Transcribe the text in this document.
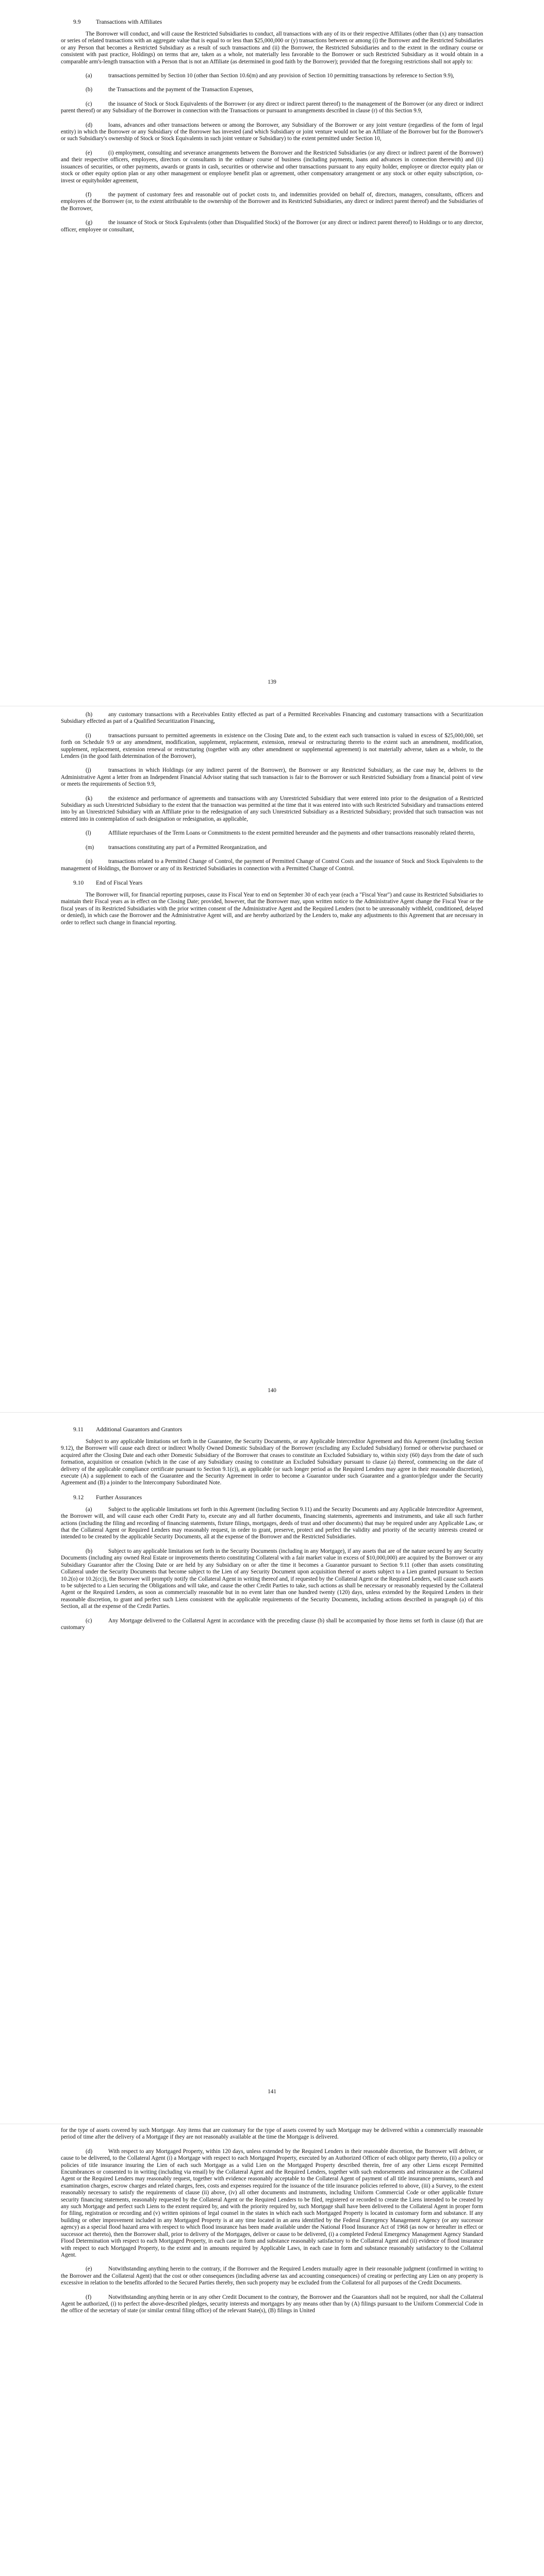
9.9	Transactions with Affiliates

The Borrower will conduct, and will cause the Restricted Subsidiaries to conduct, all transactions with any of its or their respective Affiliates (other than (x) any transaction or series of related transactions with an aggregate value that is equal to or less than $25,000,000 or (y) transactions between or among (i) the Borrower and the Restricted Subsidiaries or any Person that becomes a Restricted Subsidiary as a result of such transactions and (ii) the Borrower, the Restricted Subsidiaries and to the extent in the ordinary course or consistent with past practice, Holdings) on terms that are, taken as a whole, not materially less favorable to the Borrower or such Restricted Subsidiary as it would obtain in a comparable arm's-length transaction with a Person that is not an Affiliate (as determined in good faith by the Borrower); provided that the foregoing restrictions shall not apply to:

(a)	transactions permitted by Section 10 (other than Section 10.6(m) and any provision of Section 10 permitting transactions by reference to Section 9.9),

(b)	the Transactions and the payment of the Transaction Expenses,

(c)	the issuance of Stock or Stock Equivalents of the Borrower (or any direct or indirect parent thereof) to the management of the Borrower (or any direct or indirect parent thereof) or any Subsidiary of the Borrower in connection with the Transactions or pursuant to arrangements described in clause (r) of this Section 9.9,

(d)	loans, advances and other transactions between or among the Borrower, any Subsidiary of the Borrower or any joint venture (regardless of the form of legal entity) in which the Borrower or any Subsidiary of the Borrower has invested (and which Subsidiary or joint venture would not be an Affiliate of the Borrower but for the Borrower's or such Subsidiary's ownership of Stock or Stock Equivalents in such joint venture or Subsidiary) to the extent permitted under Section 10,

(e)	(i) employment, consulting and severance arrangements between the Borrower and the Restricted Subsidiaries (or any direct or indirect parent of the Borrower) and their respective officers, employees, directors or consultants in the ordinary course of business (including payments, loans and advances in connection therewith) and (ii) issuances of securities, or other payments, awards or grants in cash, securities or otherwise and other transactions pursuant to any equity holder, employee or director equity plan or stock or other equity option plan or any other management or employee benefit plan or agreement, other compensatory arrangement or any stock or other equity subscription, co-invest or equityholder agreement,

(f)	the payment of customary fees and reasonable out of pocket costs to, and indemnities provided on behalf of, directors, managers, consultants, officers and employees of the Borrower (or, to the extent attributable to the ownership of the Borrower and its Restricted Subsidiaries, any direct or indirect parent thereof) and the Subsidiaries of the Borrower,

(g)	the issuance of Stock or Stock Equivalents (other than Disqualified Stock) of the Borrower (or any direct or indirect parent thereof) to Holdings or to any director, officer, employee or consultant,

139

(h)	any customary transactions with a Receivables Entity effected as part of a Permitted Receivables Financing and customary transactions with a Securitization Subsidiary effected as part of a Qualified Securitization Financing,

(i)	transactions pursuant to permitted agreements in existence on the Closing Date and, to the extent each such transaction is valued in excess of $25,000,000, set forth on Schedule 9.9 or any amendment, modification, supplement, replacement, extension, renewal or restructuring thereto to the extent such an amendment, modification, supplement, replacement, extension renewal or restructuring (together with any other amendment or supplemental agreement) is not materially adverse, taken as a whole, to the Lenders (in the good faith determination of the Borrower),

(j)	transactions in which Holdings (or any indirect parent of the Borrower), the Borrower or any Restricted Subsidiary, as the case may be, delivers to the Administrative Agent a letter from an Independent Financial Advisor stating that such transaction is fair to the Borrower or such Restricted Subsidiary from a financial point of view or meets the requirements of Section 9.9,

(k)	the existence and performance of agreements and transactions with any Unrestricted Subsidiary that were entered into prior to the designation of a Restricted Subsidiary as such Unrestricted Subsidiary to the extent that the transaction was permitted at the time that it was entered into with such Restricted Subsidiary and transactions entered into by an Unrestricted Subsidiary with an Affiliate prior to the redesignation of any such Unrestricted Subsidiary as a Restricted Subsidiary; provided that such transaction was not entered into in contemplation of such designation or redesignation, as applicable,

(l)	Affiliate repurchases of the Term Loans or Commitments to the extent permitted hereunder and the payments and other transactions reasonably related thereto,

(m) transactions constituting any part of a Permitted Reorganization, and

(n)	transactions related to a Permitted Change of Control, the payment of Permitted Change of Control Costs and the issuance of Stock and Stock Equivalents to the management of Holdings, the Borrower or any of its Restricted Subsidiaries in connection with a Permitted Change of Control.

9.10 End of Fiscal Years

The Borrower will, for financial reporting purposes, cause its Fiscal Year to end on September 30 of each year (each a "Fiscal Year") and cause its Restricted Subsidiaries to maintain their Fiscal years as in effect on the Closing Date; provided, however, that the Borrower may, upon written notice to the Administrative Agent change the Fiscal Year or the fiscal years of its Restricted Subsidiaries with the prior written consent of the Administrative Agent and the Required Lenders (not to be unreasonably withheld, conditioned, delayed or denied), in which case the Borrower and the Administrative Agent will, and are hereby authorized by the Lenders to, make any adjustments to this Agreement that are necessary in order to reflect such change in financial reporting.

140
9.11 Additional Guarantors and Grantors

Subject to any applicable limitations set forth in the Guarantee, the Security Documents, or any Applicable Intercreditor Agreement and this Agreement (including Section 9.12), the Borrower will cause each direct or indirect Wholly Owned Domestic Subsidiary of the Borrower (excluding any Excluded Subsidiary) formed or otherwise purchased or acquired after the Closing Date and each other Domestic Subsidiary of the Borrower that ceases to constitute an Excluded Subsidiary to, within sixty (60) days from the date of such formation, acquisition or cessation (which in the case of any Subsidiary ceasing to constitute an Excluded Subsidiary pursuant to clause (a) thereof, commencing on the date of delivery of the applicable compliance certificate pursuant to Section 9.1(c)), as applicable (or such longer period as the Required Lenders may agree in their reasonable discretion), execute (A) a supplement to each of the Guarantee and the Security Agreement in order to become a Guarantor under such Guarantee and a grantor/pledgor under the Security Agreement and (B) a joinder to the Intercompany Subordinated Note.

9.12 Further Assurances

(a)	Subject to the applicable limitations set forth in this Agreement (including Section 9.11) and the Security Documents and any Applicable Intercreditor Agreement, the Borrower will, and will cause each other Credit Party to, execute any and all further documents, financing statements, agreements and instruments, and take all such further actions (including the filing and recording of financing statements, fixture filings, mortgages, deeds of trust and other documents) that may be required under any Applicable Law, or that the Collateral Agent or Required Lenders may reasonably request, in order to grant, preserve, protect and perfect the validity and priority of the security interests created or intended to be created by the applicable Security Documents, all at the expense of the Borrower and the Restricted Subsidiaries.

(b)	Subject to any applicable limitations set forth in the Security Documents (including in any Mortgage), if any assets that are of the nature secured by any Security Documents (including any owned Real Estate or improvements thereto constituting Collateral with a fair market value in excess of $10,000,000) are acquired by the Borrower or any Subsidiary Guarantor after the Closing Date or are held by any Subsidiary on or after the time it becomes a Guarantor pursuant to Section 9.11 (other than assets constituting Collateral under the Security Documents that become subject to the Lien of any Security Document upon acquisition thereof or assets subject to a Lien granted pursuant to Section 10.2(o) or 10.2(cc)), the Borrower will promptly notify the Collateral Agent in writing thereof and, if requested by the Collateral Agent or the Required Lenders, will cause such assets to be subjected to a Lien securing the Obligations and will take, and cause the other Credit Parties to take, such actions as shall be necessary or reasonably requested by the Collateral Agent or the Required Lenders, as soon as commercially reasonable but in no event later than one hundred twenty (120) days, unless extended by the Required Lenders in their reasonable discretion, to grant and perfect such Liens consistent with the applicable requirements of the Security Documents, including actions described in paragraph (a) of this Section, all at the expense of the Credit Parties.

(c)	Any Mortgage delivered to the Collateral Agent in accordance with the preceding clause (b) shall be accompanied by those items set forth in clause (d) that are customary

141

for the type of assets covered by such Mortgage. Any items that are customary for the type of assets covered by such Mortgage may be delivered within a commercially reasonable period of time after the delivery of a Mortgage if they are not reasonably available at the time the Mortgage is delivered.

(d)	With respect to any Mortgaged Property, within 120 days, unless extended by the Required Lenders in their reasonable discretion, the Borrower will deliver, or cause to be delivered, to the Collateral Agent (i) a Mortgage with respect to each Mortgaged Property, executed by an Authorized Officer of each obligor party thereto, (ii) a policy or policies of title insurance insuring the Lien of each such Mortgage as a valid Lien on the Mortgaged Property described therein, free of any other Liens except Permitted Encumbrances or consented to in writing (including via email) by the Collateral Agent and the Required Lenders, together with such endorsements and reinsurance as the Collateral Agent or the Required Lenders may reasonably request, together with evidence reasonably acceptable to the Collateral Agent of payment of all title insurance premiums, search and examination charges, escrow charges and related charges, fees, costs and expenses required for the issuance of the title insurance policies referred to above, (iii) a Survey, to the extent reasonably necessary to satisfy the requirements of clause (ii) above, (iv) all other documents and instruments, including Uniform Commercial Code or other applicable fixture security financing statements, reasonably requested by the Collateral Agent or the Required Lenders to be filed, registered or recorded to create the Liens intended to be created by any such Mortgage and perfect such Liens to the extent required by, and with the priority required by, such Mortgage shall have been delivered to the Collateral Agent in proper form for filing, registration or recording and (v) written opinions of legal counsel in the states in which each such Mortgaged Property is located in customary form and substance. If any building or other improvement included in any Mortgaged Property is at any time located in an area identified by the Federal Emergency Management Agency (or any successor agency) as a special flood hazard area with respect to which flood insurance has been made available under the National Flood Insurance Act of 1968 (as now or hereafter in effect or successor act thereto), then the Borrower shall, prior to delivery of the Mortgages, deliver or cause to be delivered, (i) a completed Federal Emergency Management Agency Standard Flood Determination with respect to each Mortgaged Property, in each case in form and substance reasonably satisfactory to the Collateral Agent and (ii) evidence of flood insurance with respect to each Mortgaged Property, to the extent and in amounts required by Applicable Laws, in each case in form and substance reasonably satisfactory to the Collateral Agent.

(e)	Notwithstanding anything herein to the contrary, if the Borrower and the Required Lenders mutually agree in their reasonable judgment (confirmed in writing to the Borrower and the Collateral Agent) that the cost or other consequences (including adverse tax and accounting consequences) of creating or perfecting any Lien on any property is excessive in relation to the benefits afforded to the Secured Parties thereby, then such property may be excluded from the Collateral for all purposes of the Credit Documents.

(f)	Notwithstanding anything herein or in any other Credit Document to the contrary, the Borrower and the Guarantors shall not be required, nor shall the Collateral Agent be authorized, (i) to perfect the above-described pledges, security interests and mortgages by any means other than by (A) filings pursuant to the Uniform Commercial Code in the office of the secretary of state (or similar central filing office) of the relevant State(s), (B) filings in United
